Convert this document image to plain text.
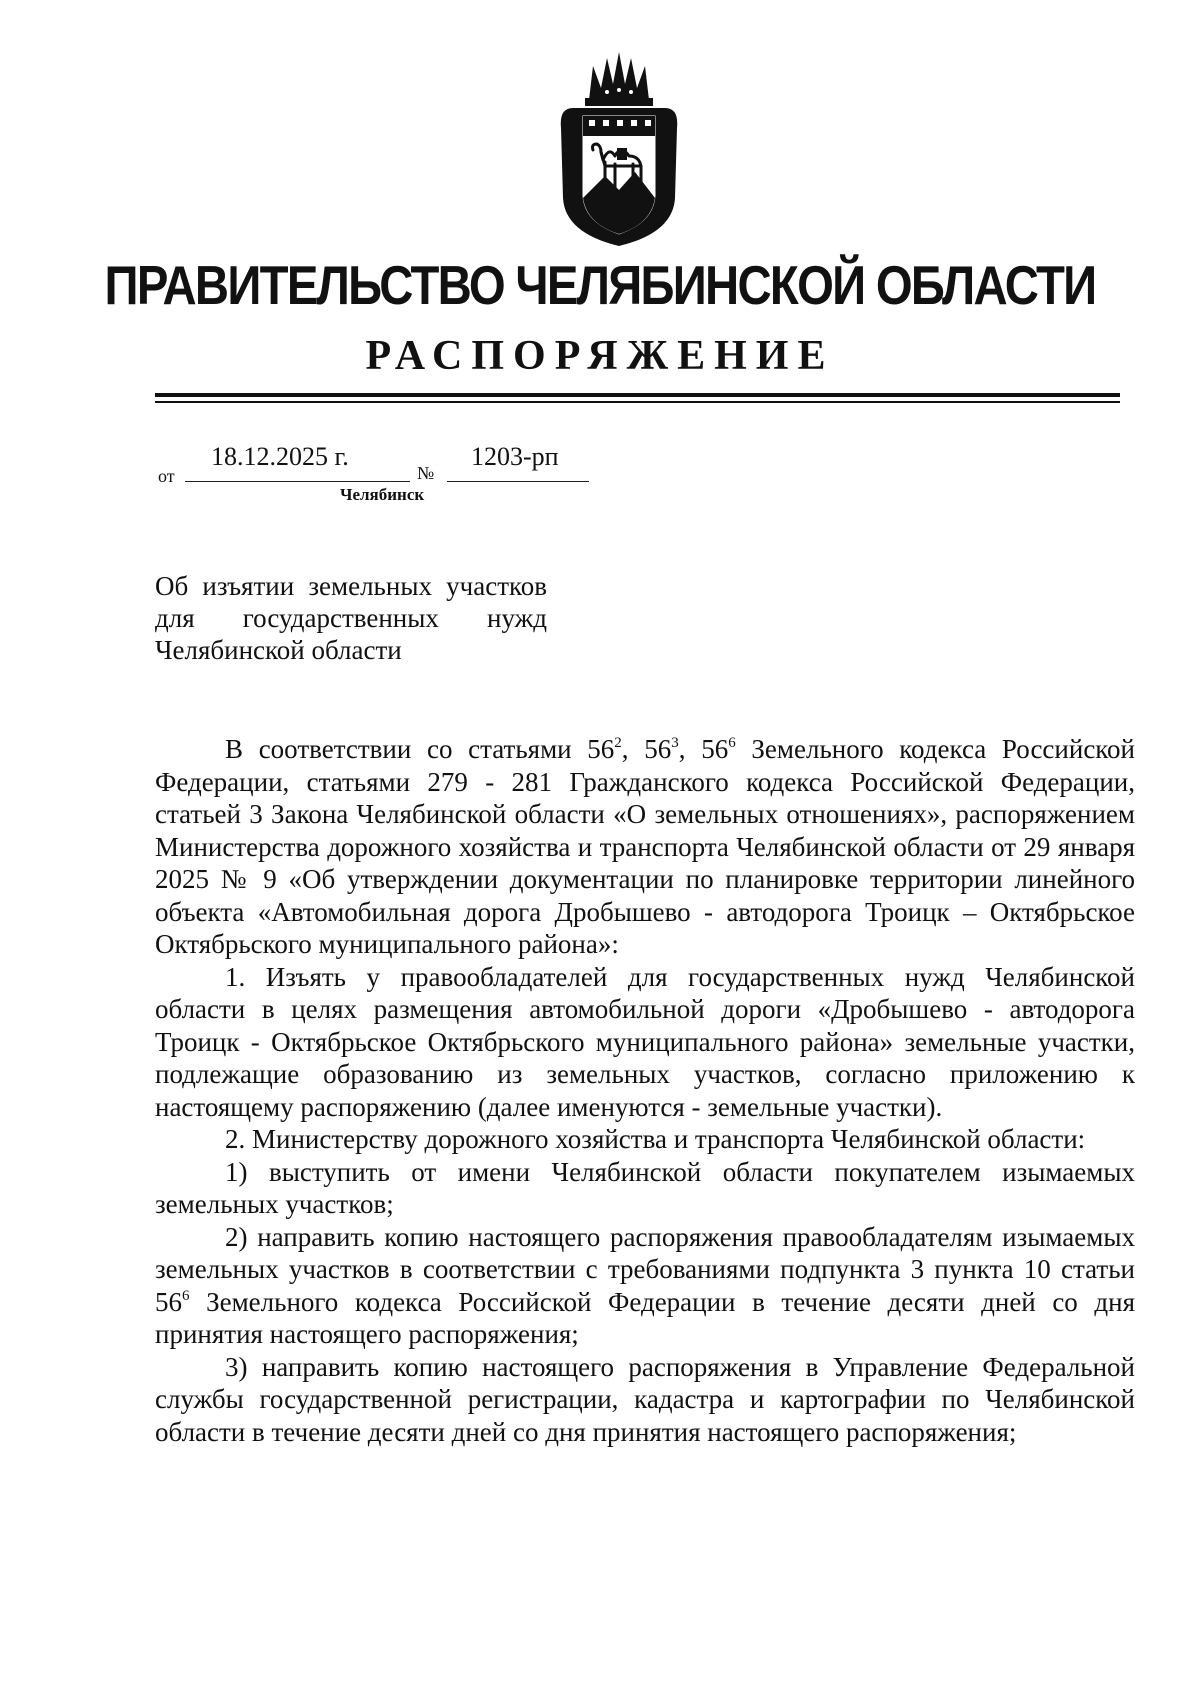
ПРАВИТЕЛЬСТВО ЧЕЛЯБИНСКОЙ ОБЛАСТИ
РАСПОРЯЖЕНИЕ
от
18.12.2025 г.
№
1203-рп
Челябинск
Об изъятии земельных участков
для государственных нужд
Челябинской области

В соответствии со статьями $56^2$, $56^3$, $56^6$ Земельного кодекса Российской Федерации, статьями 279 - 281 Гражданского кодекса Российской Федерации, статьей 3 Закона Челябинской области «О земельных отношениях», распоряжением Министерства дорожного хозяйства и транспорта Челябинской области от 29 января 2025 № 9 «Об утверждении документации по планировке территории линейного объекта «Автомобильная дорога Дробышево - автодорога Троицк – Октябрьское Октябрьского муниципального района»:

1. Изъять у правообладателей для государственных нужд Челябинской области в целях размещения автомобильной дороги «Дробышево - автодорога Троицк - Октябрьское Октябрьского муниципального района» земельные участки, подлежащие образованию из земельных участков, согласно приложению к настоящему распоряжению (далее именуются - земельные участки).

2. Министерству дорожного хозяйства и транспорта Челябинской области:

1) выступить от имени Челябинской области покупателем изымаемых земельных участков;

2) направить копию настоящего распоряжения правообладателям изымаемых земельных участков в соответствии с требованиями подпункта 3 пункта 10 статьи $56^6$ Земельного кодекса Российской Федерации в течение десяти дней со дня принятия настоящего распоряжения;

3) направить копию настоящего распоряжения в Управление Федеральной службы государственной регистрации, кадастра и картографии по Челябинской области в течение десяти дней со дня принятия настоящего распоряжения;
